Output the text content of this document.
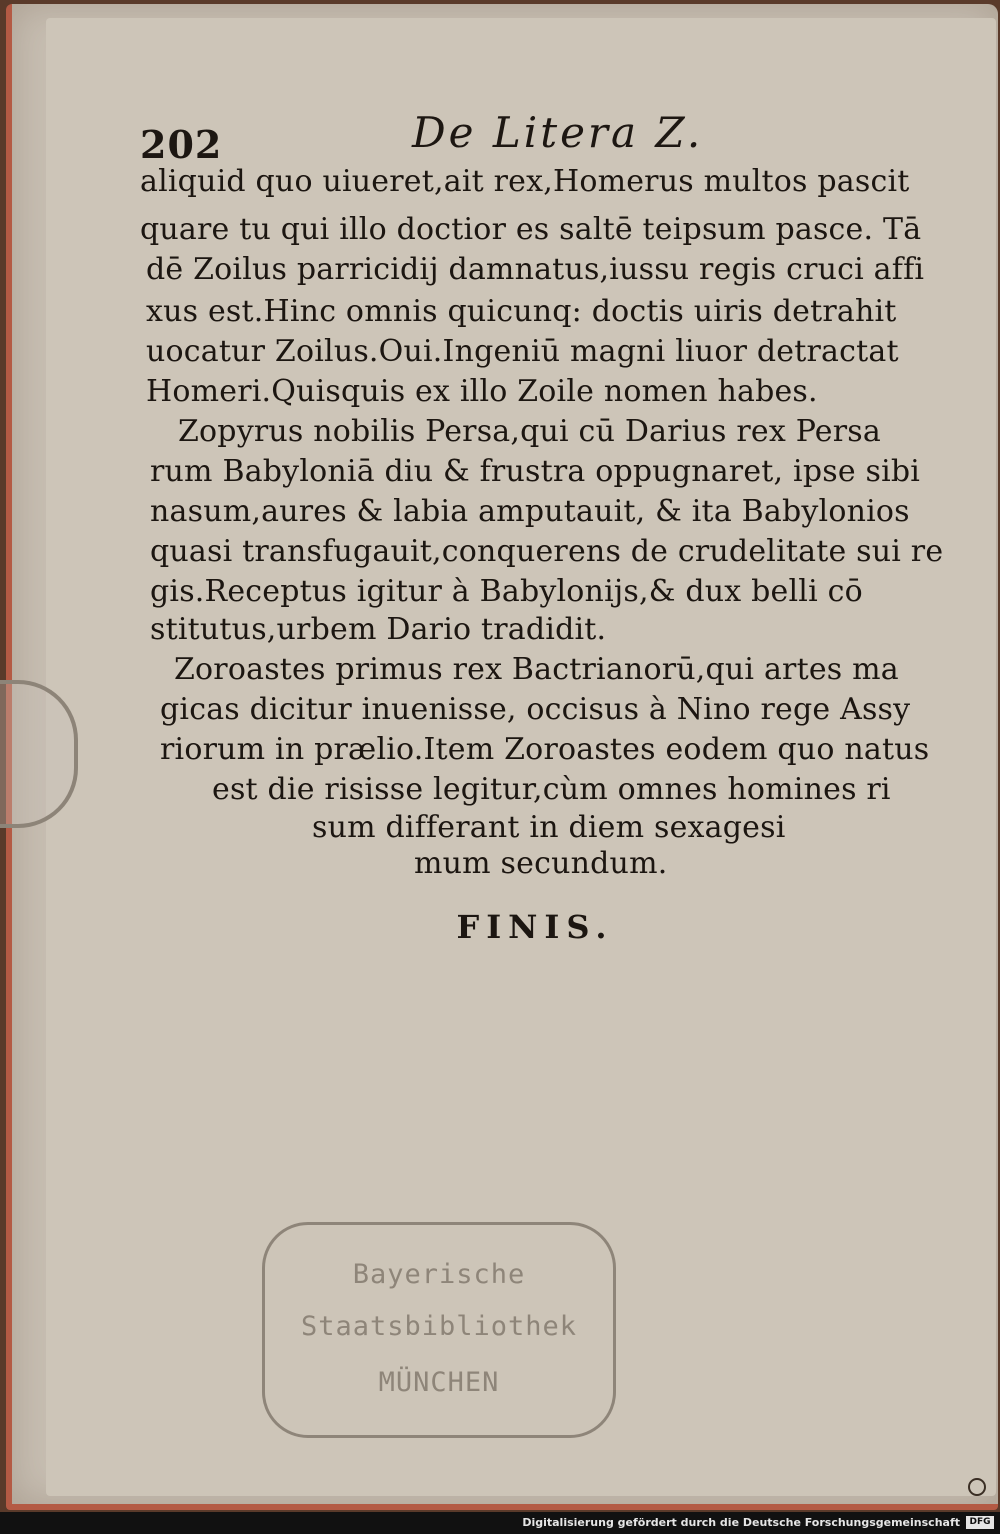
202	De Litera Z.
aliquid quo uiueret,ait rex,Homerus multos pascit
quare tu qui illo doctior es saltē teipsum pasce. Tā
dē Zoilus parricidij damnatus,iussu regis cruci affi
xus est.Hinc omnis quicunq: doctis uiris detrahit
uocatur Zoilus.Oui.Ingeniū magni liuor detractat
Homeri.Quisquis ex illo Zoile nomen habes.
Zopyrus nobilis Persa,qui cū Darius rex Persa
rum Babyloniā diu & frustra oppugnaret, ipse sibi
nasum,aures & labia amputauit, & ita Babylonios
quasi transfugauit,conquerens de crudelitate sui re
gis.Receptus igitur à Babylonijs,& dux belli cō
stitutus,urbem Dario tradidit.
Zoroastes primus rex Bactrianorū,qui artes ma
gicas dicitur inuenisse, occisus à Nino rege Assy
riorum in prælio.Item Zoroastes eodem quo natus
est die risisse legitur,cùm omnes homines ri
sum differant in diem sexagesi
mum secundum.
FINIS.
Bayerische
Staatsbibliothek
MÜNCHEN
Digitalisierung gefördert durch die Deutsche Forschungsgemeinschaft	DFG
